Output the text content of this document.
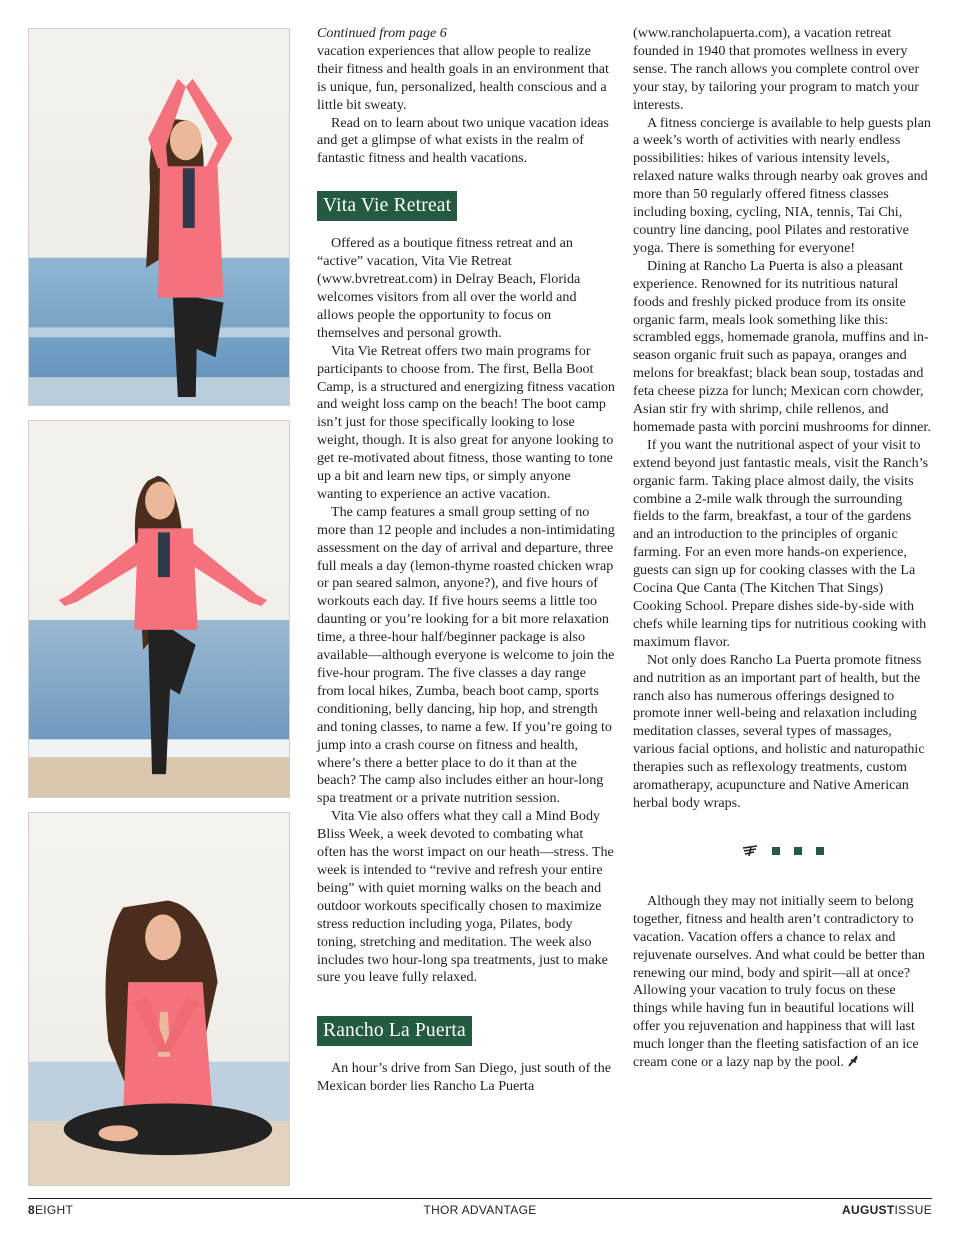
Continued from page 6

vacation experiences that allow people to realize their fitness and health goals in an environment that is unique, fun, personalized, health conscious and a little bit sweaty.

Read on to learn about two unique vacation ideas and get a glimpse of what exists in the realm of fantastic fitness and health vacations.

Vita Vie Retreat

Offered as a boutique fitness retreat and an “active” vacation, Vita Vie Retreat (www.bvretreat.com) in Delray Beach, Florida welcomes visitors from all over the world and allows people the opportunity to focus on themselves and personal growth.

Vita Vie Retreat offers two main programs for participants to choose from. The first, Bella Boot Camp, is a structured and energizing fitness vacation and weight loss camp on the beach! The boot camp isn’t just for those specifically looking to lose weight, though. It is also great for anyone looking to get re-motivated about fitness, those wanting to tone up a bit and learn new tips, or simply anyone wanting to experience an active vacation.

The camp features a small group setting of no more than 12 people and includes a non-intimidating assessment on the day of arrival and departure, three full meals a day (lemon-thyme roasted chicken wrap or pan seared salmon, anyone?), and five hours of workouts each day. If five hours seems a little too daunting or you’re looking for a bit more relaxation time, a three-hour half/beginner package is also available—although everyone is welcome to join the five-hour program. The five classes a day range from local hikes, Zumba, beach boot camp, sports conditioning, belly dancing, hip hop, and strength and toning classes, to name a few. If you’re going to jump into a crash course on fitness and health, where’s there a better place to do it than at the beach? The camp also includes either an hour-long spa treatment or a private nutrition session.

Vita Vie also offers what they call a Mind Body Bliss Week, a week devoted to combating what often has the worst impact on our heath—stress. The week is intended to “revive and refresh your entire being” with quiet morning walks on the beach and outdoor workouts specifically chosen to maximize stress reduction including yoga, Pilates, body toning, stretching and meditation. The week also includes two hour-long spa treatments, just to make sure you leave fully relaxed.

Rancho La Puerta

An hour’s drive from San Diego, just south of the Mexican border lies Rancho La Puerta

(www.rancholapuerta.com), a vacation retreat founded in 1940 that promotes wellness in every sense. The ranch allows you complete control over your stay, by tailoring your program to match your interests.

A fitness concierge is available to help guests plan a week’s worth of activities with nearly endless possibilities: hikes of various intensity levels, relaxed nature walks through nearby oak groves and more than 50 regularly offered fitness classes including boxing, cycling, NIA, tennis, Tai Chi, country line dancing, pool Pilates and restorative yoga. There is something for everyone!

Dining at Rancho La Puerta is also a pleasant experience. Renowned for its nutritious natural foods and freshly picked produce from its onsite organic farm, meals look something like this: scrambled eggs, homemade granola, muffins and in-season organic fruit such as papaya, oranges and melons for breakfast; black bean soup, tostadas and feta cheese pizza for lunch; Mexican corn chowder, Asian stir fry with shrimp, chile rellenos, and homemade pasta with porcini mushrooms for dinner.

If you want the nutritional aspect of your visit to extend beyond just fantastic meals, visit the Ranch’s organic farm. Taking place almost daily, the visits combine a 2-mile walk through the surrounding fields to the farm, breakfast, a tour of the gardens and an introduction to the principles of organic farming. For an even more hands-on experience, guests can sign up for cooking classes with the La Cocina Que Canta (The Kitchen That Sings) Cooking School. Prepare dishes side-by-side with chefs while learning tips for nutritious cooking with maximum flavor.

Not only does Rancho La Puerta promote fitness and nutrition as an important part of health, but the ranch also has numerous offerings designed to promote inner well-being and relaxation including meditation classes, several types of massages, various facial options, and holistic and naturopathic therapies such as reflexology treatments, custom aromatherapy, acupuncture and Native American herbal body wraps.

Although they may not initially seem to belong together, fitness and health aren’t contradictory to vacation. Vacation offers a chance to relax and rejuvenate ourselves. And what could be better than renewing our mind, body and spirit—all at once? Allowing your vacation to truly focus on these things while having fun in beautiful locations will offer you rejuvenation and happiness that will last much longer than the fleeting satisfaction of an ice cream cone or a lazy nap by the pool.

8EIGHT	THOR ADVANTAGE	AUGUSTISSUE
